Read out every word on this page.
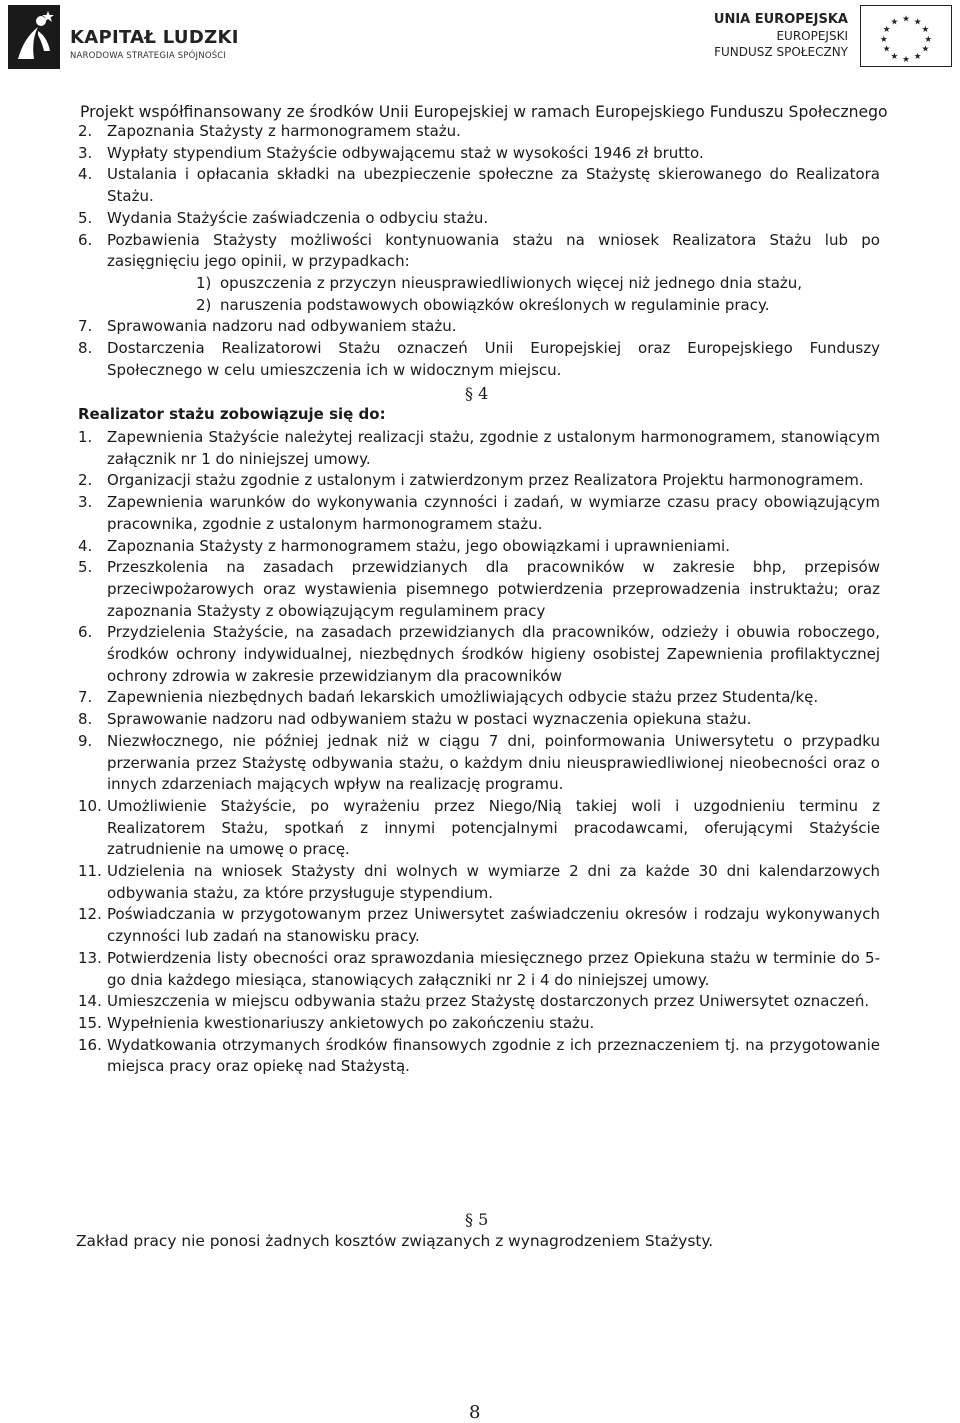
KAPITAŁ LUDZKI
NARODOWA STRATEGIA SPÓJNOŚCI
UNIA EUROPEJSKA
EUROPEJSKI
FUNDUSZ SPOŁECZNY
★ ★
★
★
★
★
★
★
★
★
★
★
Projekt współfinansowany ze środków Unii Europejskiej w ramach Europejskiego Funduszu Społecznego
2. Zapoznania Stażysty z harmonogramem stażu.
3. Wypłaty stypendium Stażyście odbywającemu staż w wysokości 1946 zł brutto.
4. Ustalania i opłacania składki na ubezpieczenie społeczne za Stażystę skierowanego do Realizatora Stażu.
5. Wydania Stażyście zaświadczenia o odbyciu stażu.
6. Pozbawienia Stażysty możliwości kontynuowania stażu na wniosek Realizatora Stażu lub po zasięgnięciu jego opinii, w przypadkach:
1) opuszczenia z przyczyn nieusprawiedliwionych więcej niż jednego dnia stażu,
2) naruszenia podstawowych obowiązków określonych w regulaminie pracy.
7. Sprawowania nadzoru nad odbywaniem stażu.
8. Dostarczenia Realizatorowi Stażu oznaczeń Unii Europejskiej oraz Europejskiego Funduszy Społecznego w celu umieszczenia ich w widocznym miejscu.
§ 4
Realizator stażu zobowiązuje się do:
1. Zapewnienia Stażyście należytej realizacji stażu, zgodnie z ustalonym harmonogramem, stanowiącym załącznik nr 1 do niniejszej umowy.
2. Organizacji stażu zgodnie z ustalonym i zatwierdzonym przez Realizatora Projektu harmonogramem.
3. Zapewnienia warunków do wykonywania czynności i zadań, w wymiarze czasu pracy obowiązującym pracownika, zgodnie z ustalonym harmonogramem stażu.
4. Zapoznania Stażysty z harmonogramem stażu, jego obowiązkami i uprawnieniami.
5. Przeszkolenia na zasadach przewidzianych dla pracowników w zakresie bhp, przepisów przeciwpożarowych oraz wystawienia pisemnego potwierdzenia przeprowadzenia instruktażu; oraz zapoznania Stażysty z obowiązującym regulaminem pracy
6. Przydzielenia Stażyście, na zasadach przewidzianych dla pracowników, odzieży i obuwia roboczego, środków ochrony indywidualnej, niezbędnych środków higieny osobistej Zapewnienia profilaktycznej ochrony zdrowia w zakresie przewidzianym dla pracowników
7. Zapewnienia niezbędnych badań lekarskich umożliwiających odbycie stażu przez Studenta/kę.
8. Sprawowanie nadzoru nad odbywaniem stażu w postaci wyznaczenia opiekuna stażu.
9. Niezwłocznego, nie później jednak niż w ciągu 7 dni, poinformowania Uniwersytetu o przypadku przerwania przez Stażystę odbywania stażu, o każdym dniu nieusprawiedliwionej nieobecności oraz o innych zdarzeniach mających wpływ na realizację programu.
10. Umożliwienie Stażyście, po wyrażeniu przez Niego/Nią takiej woli i uzgodnieniu terminu z Realizatorem Stażu, spotkań z innymi potencjalnymi pracodawcami, oferującymi Stażyście zatrudnienie na umowę o pracę.
11. Udzielenia na wniosek Stażysty dni wolnych w wymiarze 2 dni za każde 30 dni kalendarzowych odbywania stażu, za które przysługuje stypendium.
12. Poświadczania w przygotowanym przez Uniwersytet zaświadczeniu okresów i rodzaju wykonywanych czynności lub zadań na stanowisku pracy.
13. Potwierdzenia listy obecności oraz sprawozdania miesięcznego przez Opiekuna stażu w terminie do 5-go dnia każdego miesiąca, stanowiących załączniki nr 2 i 4 do niniejszej umowy.
14. Umieszczenia w miejscu odbywania stażu przez Stażystę dostarczonych przez Uniwersytet oznaczeń.
15. Wypełnienia kwestionariuszy ankietowych po zakończeniu stażu.
16. Wydatkowania otrzymanych środków finansowych zgodnie z ich przeznaczeniem tj. na przygotowanie miejsca pracy oraz opiekę nad Stażystą.
§ 5
Zakład pracy nie ponosi żadnych kosztów związanych z wynagrodzeniem Stażysty.
8
